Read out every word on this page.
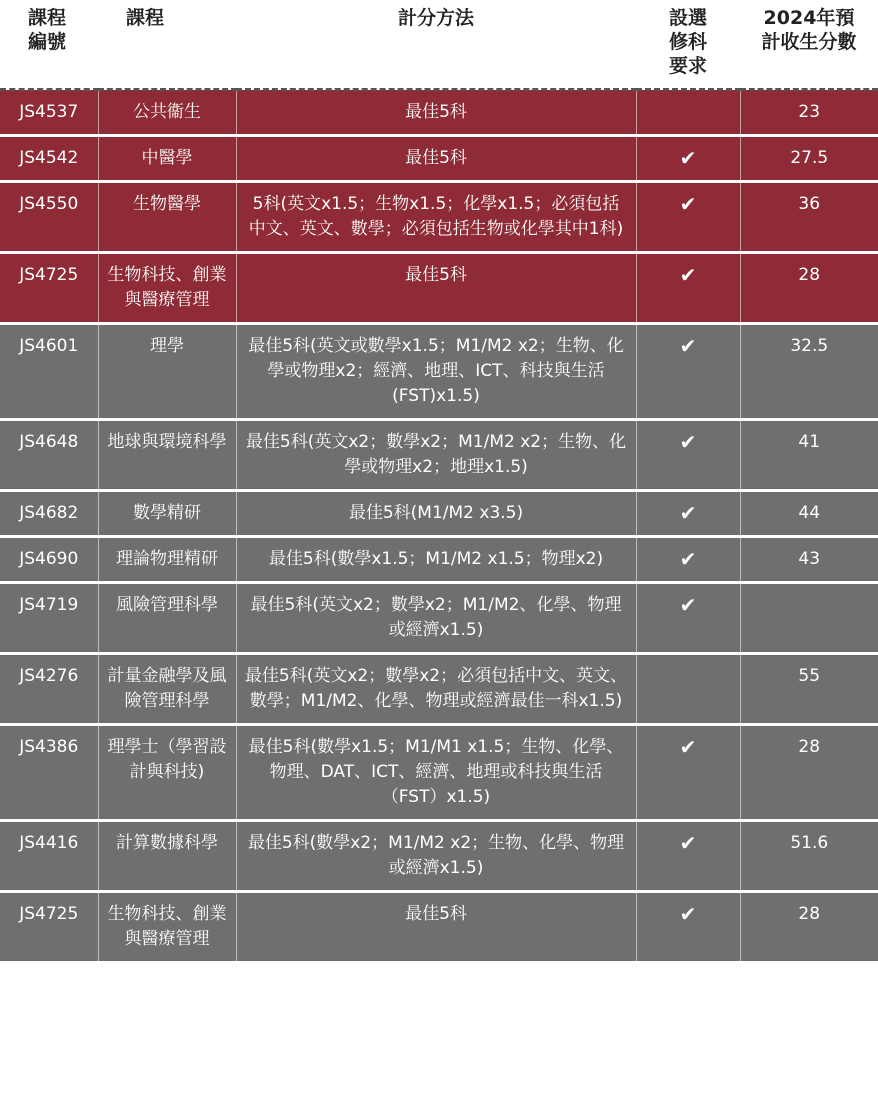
課程編號	課程	計分方法	設選修科要求	2024年預計收生分數

JS4537	公共衞生	最佳5科		23
JS4542	中醫學	最佳5科	✔	27.5
JS4550	生物醫學	5科(英文x1.5；生物x1.5；化學x1.5；必須包括中文、英文、數學；必須包括生物或化學其中1科)	✔	36
JS4725	生物科技、創業與醫療管理	最佳5科	✔	28
JS4601	理學	最佳5科(英文或數學x1.5；M1/M2 x2；生物、化學或物理x2；經濟、地理、ICT、科技與生活(FST)x1.5)	✔	32.5
JS4648	地球與環境科學	最佳5科(英文x2；數學x2；M1/M2 x2；生物、化學或物理x2；地理x1.5)	✔	41
JS4682	數學精研	最佳5科(M1/M2 x3.5)	✔	44
JS4690	理論物理精研	最佳5科(數學x1.5；M1/M2 x1.5；物理x2)	✔	43
JS4719	風險管理科學	最佳5科(英文x2；數學x2；M1/M2、化學、物理或經濟x1.5)	✔	
JS4276	計量金融學及風險管理科學	最佳5科(英文x2；數學x2；必須包括中文、英文、數學；M1/M2、化學、物理或經濟最佳一科x1.5)		55
JS4386	理學士（學習設計與科技)	最佳5科(數學x1.5；M1/M1 x1.5；生物、化學、物理、DAT、ICT、經濟、地理或科技與生活（FST）x1.5)	✔	28
JS4416	計算數據科學	最佳5科(數學x2；M1/M2 x2；生物、化學、物理或經濟x1.5)	✔	51.6
JS4725	生物科技、創業與醫療管理	最佳5科	✔	28
